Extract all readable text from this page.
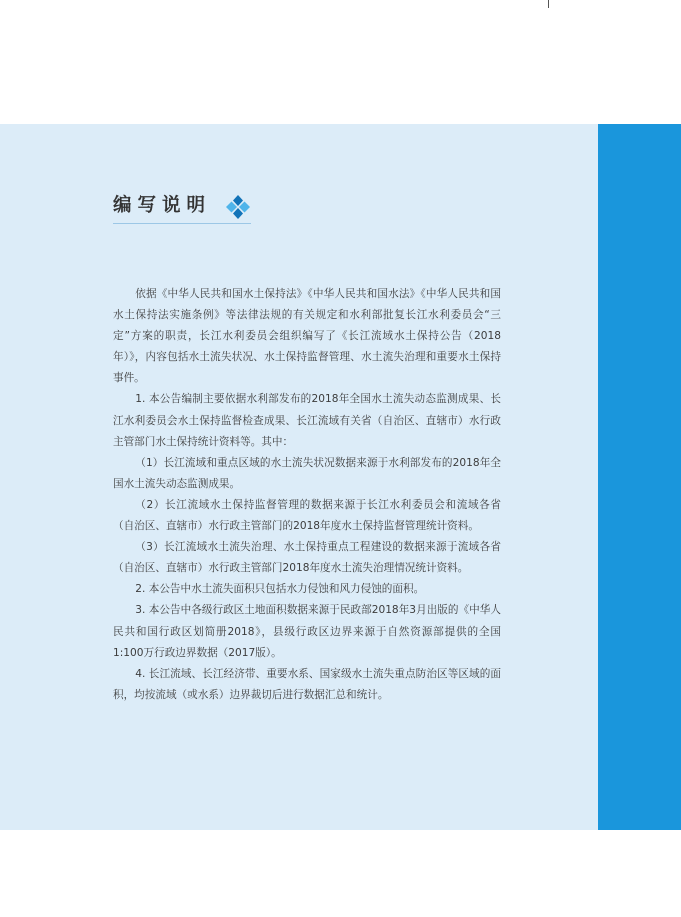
编写说明

依据《中华人民共和国水土保持法》《中华人民共和国水法》《中华人民共和国水土保持法实施条例》等法律法规的有关规定和水利部批复长江水利委员会“三定”方案的职责，长江水利委员会组织编写了《长江流域水土保持公告（2018年）》，内容包括水土流失状况、水土保持监督管理、水土流失治理和重要水土保持事件。

1. 本公告编制主要依据水利部发布的2018年全国水土流失动态监测成果、长江水利委员会水土保持监督检查成果、长江流域有关省（自治区、直辖市）水行政主管部门水土保持统计资料等。其中：

（1）长江流域和重点区域的水土流失状况数据来源于水利部发布的2018年全国水土流失动态监测成果。

（2）长江流域水土保持监督管理的数据来源于长江水利委员会和流域各省（自治区、直辖市）水行政主管部门的2018年度水土保持监督管理统计资料。

（3）长江流域水土流失治理、水土保持重点工程建设的数据来源于流域各省（自治区、直辖市）水行政主管部门2018年度水土流失治理情况统计资料。

2. 本公告中水土流失面积只包括水力侵蚀和风力侵蚀的面积。

3. 本公告中各级行政区土地面积数据来源于民政部2018年3月出版的《中华人民共和国行政区划简册2018》，县级行政区边界来源于自然资源部提供的全国1:100万行政边界数据（2017版）。

4. 长江流域、长江经济带、重要水系、国家级水土流失重点防治区等区域的面积，均按流域（或水系）边界裁切后进行数据汇总和统计。
